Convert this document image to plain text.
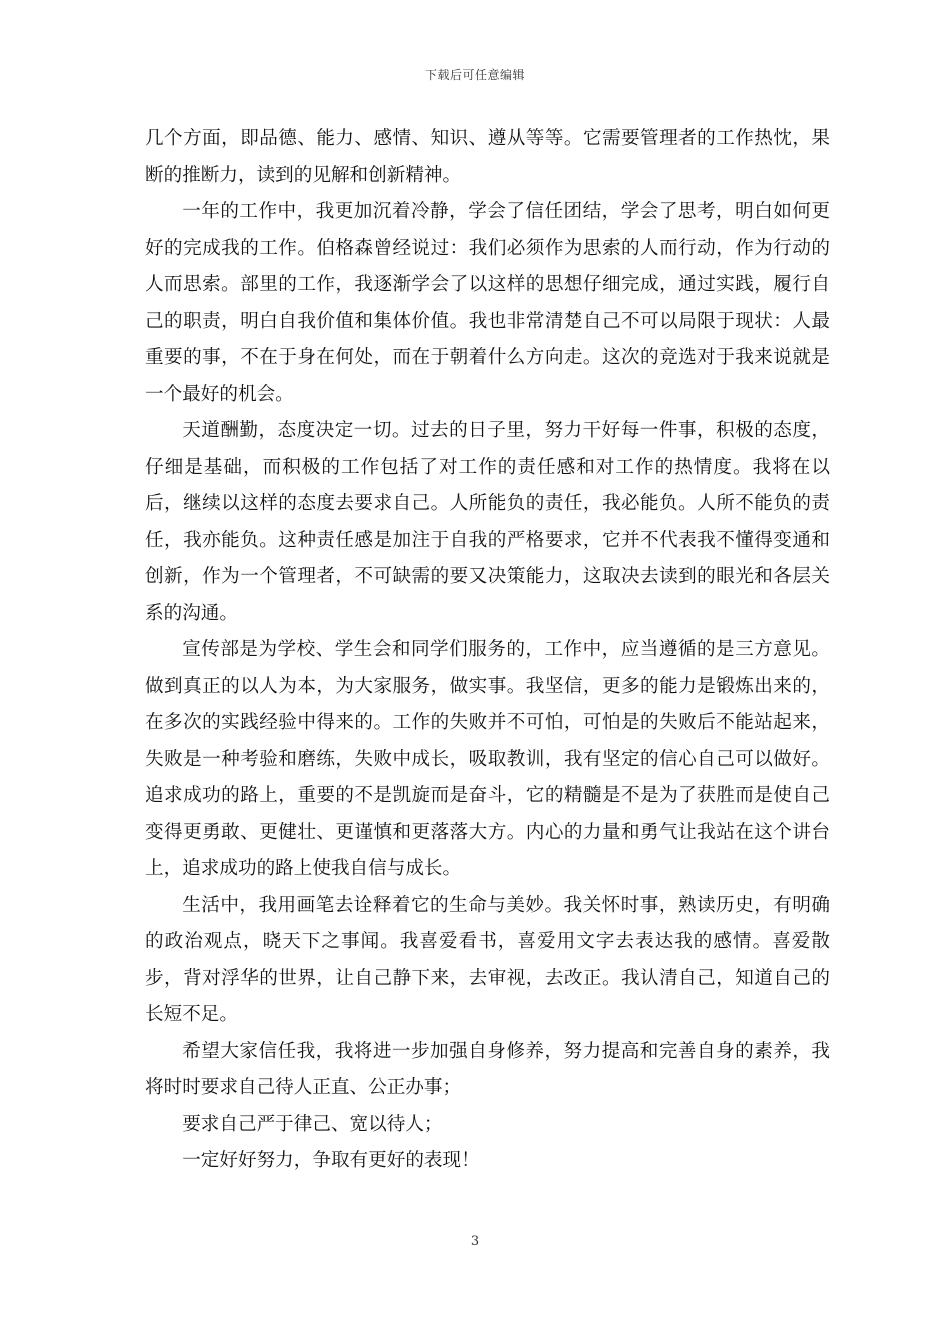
下载后可任意编辑

几个方面，即品德、能力、感情、知识、遵从等等。它需要管理者的工作热忱，果断的推断力，读到的见解和创新精神。

一年的工作中，我更加沉着冷静，学会了信任团结，学会了思考，明白如何更好的完成我的工作。伯格森曾经说过：我们必须作为思索的人而行动，作为行动的人而思索。部里的工作，我逐渐学会了以这样的思想仔细完成，通过实践，履行自己的职责，明白自我价值和集体价值。我也非常清楚自己不可以局限于现状：人最重要的事，不在于身在何处，而在于朝着什么方向走。这次的竞选对于我来说就是一个最好的机会。

天道酬勤，态度决定一切。过去的日子里，努力干好每一件事，积极的态度，仔细是基础，而积极的工作包括了对工作的责任感和对工作的热情度。我将在以后，继续以这样的态度去要求自己。人所能负的责任，我必能负。人所不能负的责任，我亦能负。这种责任感是加注于自我的严格要求，它并不代表我不懂得变通和创新，作为一个管理者，不可缺需的要又决策能力，这取决去读到的眼光和各层关系的沟通。

宣传部是为学校、学生会和同学们服务的，工作中，应当遵循的是三方意见。做到真正的以人为本，为大家服务，做实事。我坚信，更多的能力是锻炼出来的，在多次的实践经验中得来的。工作的失败并不可怕，可怕是的失败后不能站起来，失败是一种考验和磨练，失败中成长，吸取教训，我有坚定的信心自己可以做好。追求成功的路上，重要的不是凯旋而是奋斗，它的精髓是不是为了获胜而是使自己变得更勇敢、更健壮、更谨慎和更落落大方。内心的力量和勇气让我站在这个讲台上，追求成功的路上使我自信与成长。

生活中，我用画笔去诠释着它的生命与美妙。我关怀时事，熟读历史，有明确的政治观点，晓天下之事闻。我喜爱看书，喜爱用文字去表达我的感情。喜爱散步，背对浮华的世界，让自己静下来，去审视，去改正。我认清自己，知道自己的长短不足。

希望大家信任我，我将进一步加强自身修养，努力提高和完善自身的素养，我将时时要求自己待人正直、公正办事；

要求自己严于律己、宽以待人；

一定好好努力，争取有更好的表现！

3
